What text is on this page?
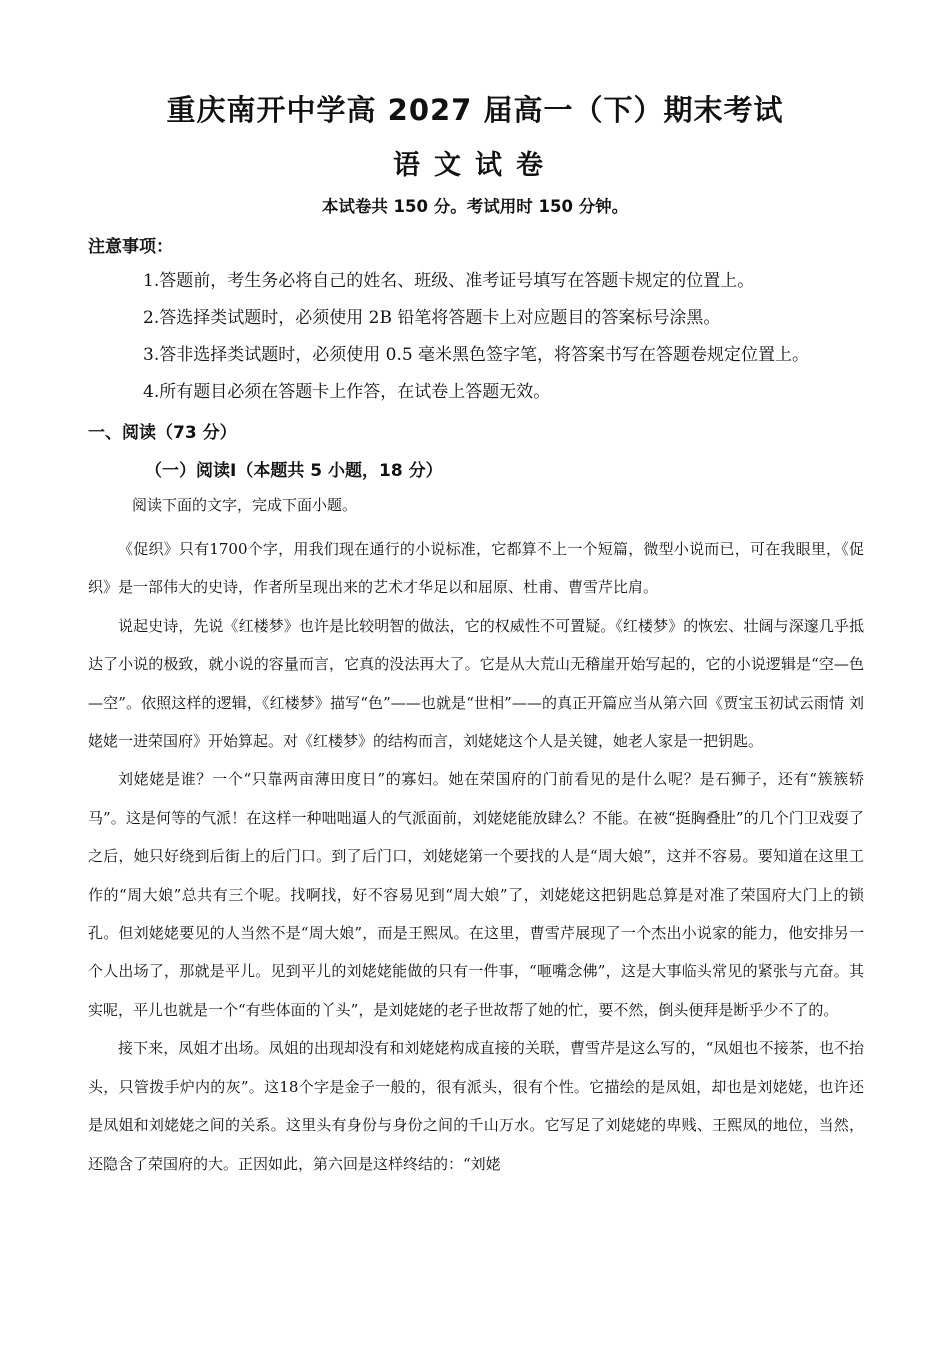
重庆南开中学高 2027 届高一（下）期末考试
语文试卷
本试卷共 150 分。考试用时 150 分钟。
注意事项：
1.答题前，考生务必将自己的姓名、班级、准考证号填写在答题卡规定的位置上。
2.答选择类试题时，必须使用 2B 铅笔将答题卡上对应题目的答案标号涂黑。
3.答非选择类试题时，必须使用 0.5 毫米黑色签字笔，将答案书写在答题卷规定位置上。
4.所有题目必须在答题卡上作答，在试卷上答题无效。
一、阅读（73 分）
（一）阅读I（本题共 5 小题，18 分）
阅读下面的文字，完成下面小题。

《促织》只有1700个字，用我们现在通行的小说标准，它都算不上一个短篇，微型小说而已，可在我眼里，《促织》是一部伟大的史诗，作者所呈现出来的艺术才华足以和屈原、杜甫、曹雪芹比肩。

说起史诗，先说《红楼梦》也许是比较明智的做法，它的权威性不可置疑。《红楼梦》的恢宏、壮阔与深邃几乎抵达了小说的极致，就小说的容量而言，它真的没法再大了。它是从大荒山无稽崖开始写起的，它的小说逻辑是“空—色—空”。依照这样的逻辑，《红楼梦》描写“色”——也就是“世相”——的真正开篇应当从第六回《贾宝玉初试云雨情 刘姥姥一进荣国府》开始算起。对《红楼梦》的结构而言，刘姥姥这个人是关键，她老人家是一把钥匙。

刘姥姥是谁？一个“只靠两亩薄田度日”的寡妇。她在荣国府的门前看见的是什么呢？是石狮子，还有“簇簇轿马”。这是何等的气派！在这样一种咄咄逼人的气派面前，刘姥姥能放肆么？不能。在被“挺胸叠肚”的几个门卫戏耍了之后，她只好绕到后街上的后门口。到了后门口，刘姥姥第一个要找的人是“周大娘”，这并不容易。要知道在这里工作的“周大娘”总共有三个呢。找啊找，好不容易见到“周大娘”了，刘姥姥这把钥匙总算是对准了荣国府大门上的锁孔。但刘姥姥要见的人当然不是“周大娘”，而是王熙凤。在这里，曹雪芹展现了一个杰出小说家的能力，他安排另一个人出场了，那就是平儿。见到平儿的刘姥姥能做的只有一件事，“咂嘴念佛”，这是大事临头常见的紧张与亢奋。其实呢，平儿也就是一个“有些体面的丫头”，是刘姥姥的老子世故帮了她的忙，要不然，倒头便拜是断乎少不了的。

接下来，凤姐才出场。凤姐的出现却没有和刘姥姥构成直接的关联，曹雪芹是这么写的，“凤姐也不接茶，也不抬头，只管拨手炉内的灰”。这18个字是金子一般的，很有派头，很有个性。它描绘的是凤姐，却也是刘姥姥，也许还是凤姐和刘姥姥之间的关系。这里头有身份与身份之间的千山万水。它写足了刘姥姥的卑贱、王熙凤的地位，当然，还隐含了荣国府的大。正因如此，第六回是这样终结的：“刘姥
